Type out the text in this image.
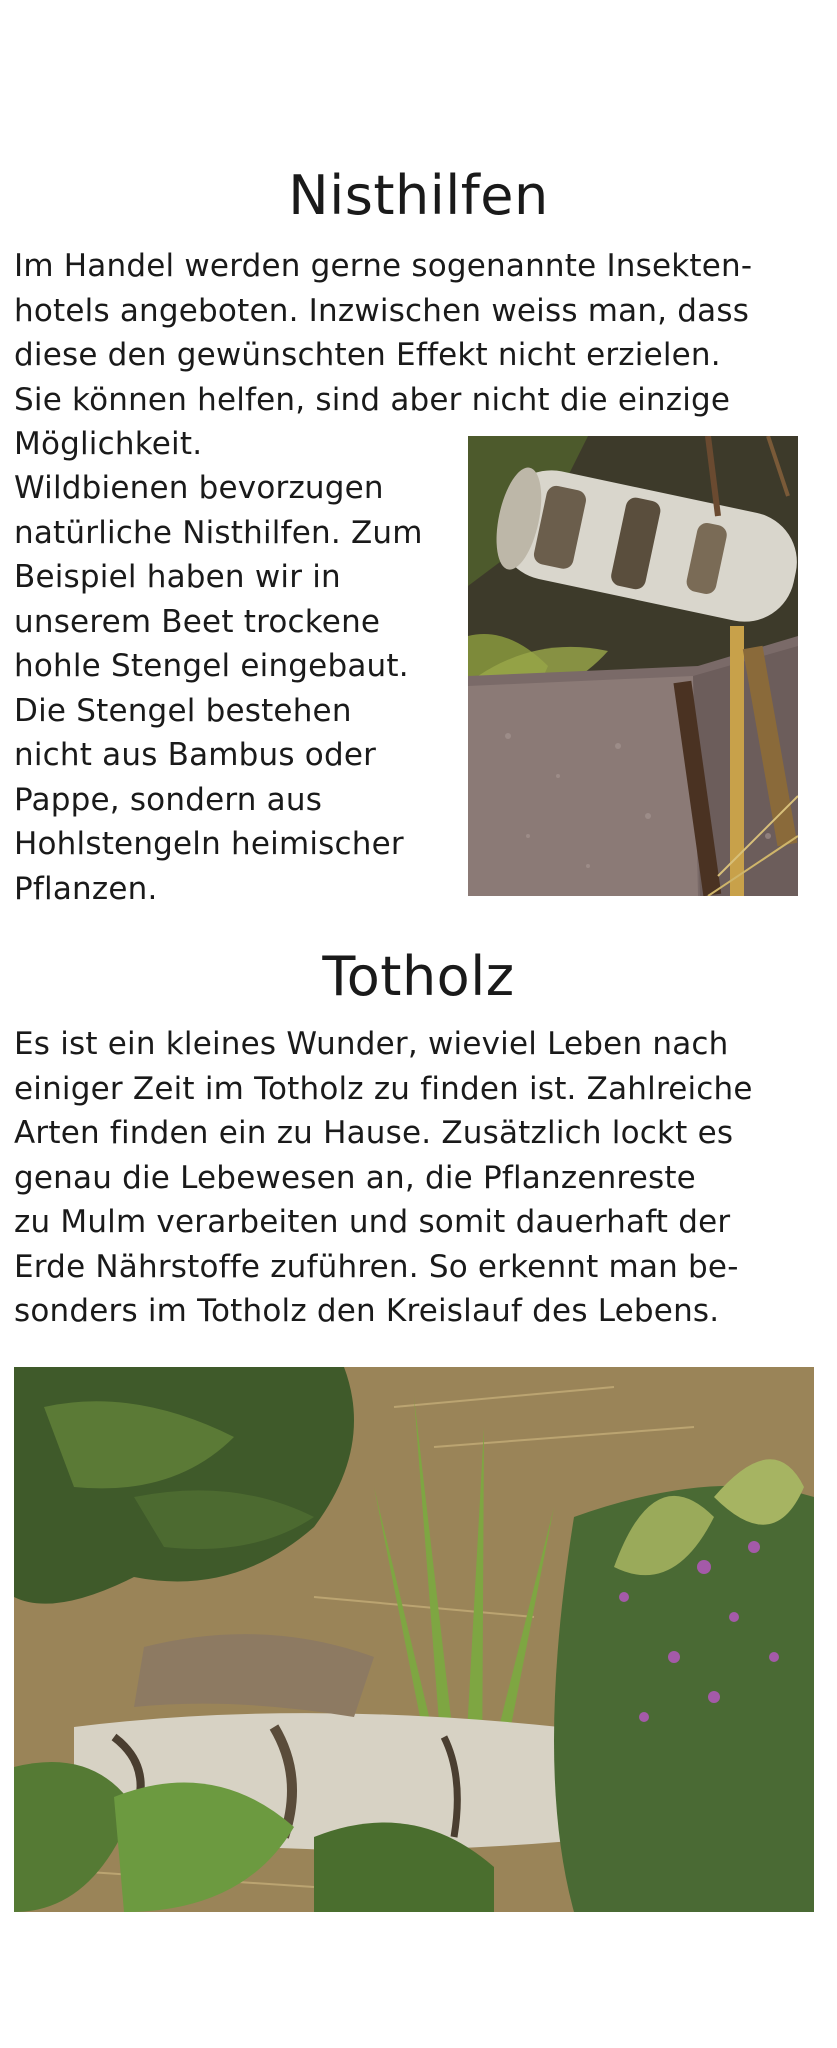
Nisthilfen

Im Handel werden gerne sogenannte Insekten-
hotels angeboten. Inzwischen weiss man, dass
diese den gewünschten Effekt nicht erzielen.
Sie können helfen, sind aber nicht die einzige
Möglichkeit.

Wildbienen bevorzugen
natürliche Nisthilfen. Zum
Beispiel haben wir in
unserem Beet trockene
hohle Stengel eingebaut.
Die Stengel bestehen
nicht aus Bambus oder
Pappe, sondern aus
Hohlstengeln heimischer
Pflanzen.

Totholz

Es ist ein kleines Wunder, wieviel Leben nach
einiger Zeit im Totholz zu finden ist. Zahlreiche
Arten finden ein zu Hause. Zusätzlich lockt es
genau die Lebewesen an, die Pflanzenreste
zu Mulm verarbeiten und somit dauerhaft der
Erde Nährstoffe zuführen. So erkennt man be-
sonders im Totholz den Kreislauf des Lebens.
